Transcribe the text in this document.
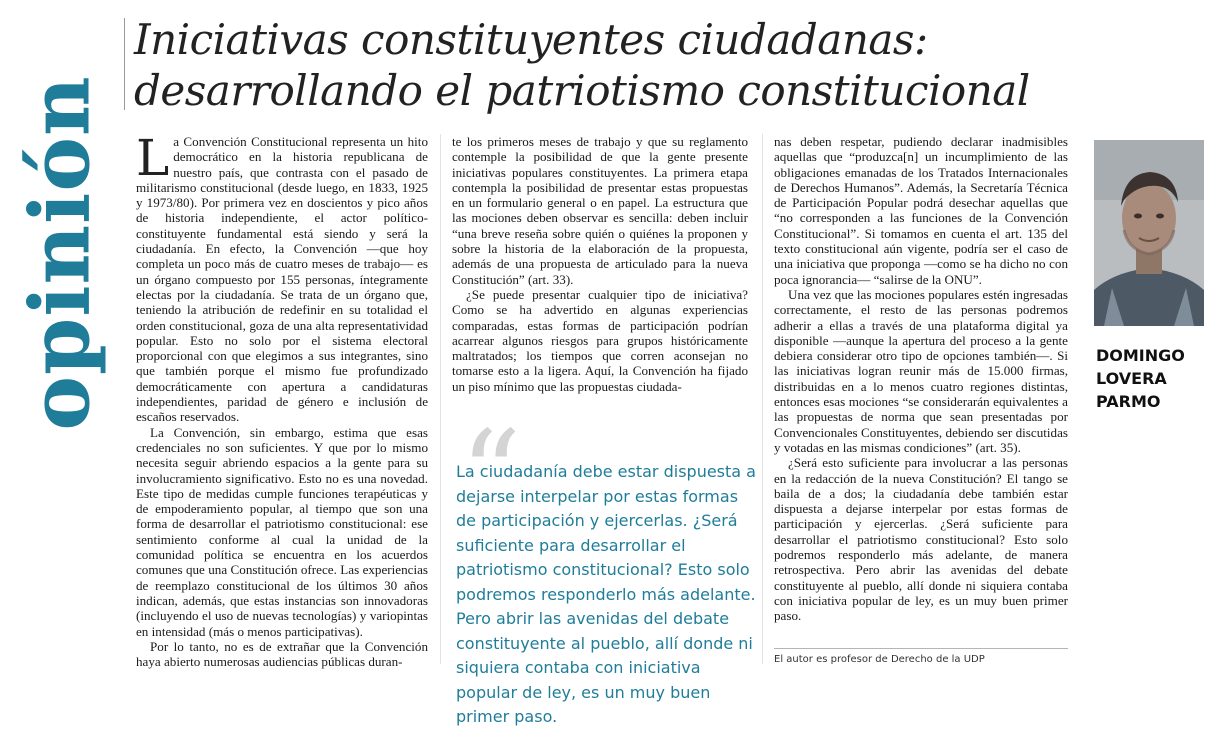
opinión
Iniciativas constituyentes ciudadanas:
desarrollando el patriotismo constitucional

La Convención Constitucional representa un hito democrático en la historia republicana de nuestro país, que contrasta con el pasado de militarismo constitucional (desde luego, en 1833, 1925 y 1973/80). Por primera vez en doscientos y pico años de historia independiente, el actor político-constituyente fundamental está siendo y será la ciudadanía. En efecto, la Convención —que hoy completa un poco más de cuatro meses de trabajo— es un órgano compuesto por 155 personas, íntegramente electas por la ciudadanía. Se trata de un órgano que, teniendo la atribución de redefinir en su totalidad el orden constitucional, goza de una alta representatividad popular. Esto no solo por el sistema electoral proporcional con que elegimos a sus integrantes, sino que también porque el mismo fue profundizado democráticamente con apertura a candidaturas independientes, paridad de género e inclusión de escaños reservados.

La Convención, sin embargo, estima que esas credenciales no son suficientes. Y que por lo mismo necesita seguir abriendo espacios a la gente para su involucramiento significativo. Esto no es una novedad. Este tipo de medidas cumple funciones terapéuticas y de empoderamiento popular, al tiempo que son una forma de desarrollar el patriotismo constitucional: ese sentimiento conforme al cual la unidad de la comunidad política se encuentra en los acuerdos comunes que una Constitución ofrece. Las experiencias de reemplazo constitucional de los últimos 30 años indican, además, que estas instancias son innovadoras (incluyendo el uso de nuevas tecnologías) y variopintas en intensidad (más o menos participativas).

Por lo tanto, no es de extrañar que la Convención haya abierto numerosas audiencias públicas duran-

te los primeros meses de trabajo y que su reglamento contemple la posibilidad de que la gente presente iniciativas populares constituyentes. La primera etapa contempla la posibilidad de presentar estas propuestas en un formulario general o en papel. La estructura que las mociones deben observar es sencilla: deben incluir “una breve reseña sobre quién o quiénes la proponen y sobre la historia de la elaboración de la propuesta, además de una propuesta de articulado para la nueva Constitución” (art. 33).

¿Se puede presentar cualquier tipo de iniciativa? Como se ha advertido en algunas experiencias comparadas, estas formas de participación podrían acarrear algunos riesgos para grupos históricamente maltratados; los tiempos que corren aconsejan no tomarse esto a la ligera. Aquí, la Convención ha fijado un piso mínimo que las propuestas ciudada-

“

La ciudadanía debe estar dispuesta a dejarse interpelar por estas formas de participación y ejercerlas. ¿Será suficiente para desarrollar el patriotismo constitucional? Esto solo podremos responderlo más adelante. Pero abrir las avenidas del debate constituyente al pueblo, allí donde ni siquiera contaba con iniciativa popular de ley, es un muy buen primer paso.

nas deben respetar, pudiendo declarar inadmisibles aquellas que “produzca[n] un incumplimiento de las obligaciones emanadas de los Tratados Internacionales de Derechos Humanos”. Además, la Secretaría Técnica de Participación Popular podrá desechar aquellas que “no corresponden a las funciones de la Convención Constitucional”. Si tomamos en cuenta el art. 135 del texto constitucional aún vigente, podría ser el caso de una iniciativa que proponga —como se ha dicho no con poca ignorancia— “salirse de la ONU”.

Una vez que las mociones populares estén ingresadas correctamente, el resto de las personas podremos adherir a ellas a través de una plataforma digital ya disponible —aunque la apertura del proceso a la gente debiera considerar otro tipo de opciones también—. Si las iniciativas logran reunir más de 15.000 firmas, distribuidas en a lo menos cuatro regiones distintas, entonces esas mociones “se considerarán equivalentes a las propuestas de norma que sean presentadas por Convencionales Constituyentes, debiendo ser discutidas y votadas en las mismas condiciones” (art. 35).

¿Será esto suficiente para involucrar a las personas en la redacción de la nueva Constitución? El tango se baila de a dos; la ciudadanía debe también estar dispuesta a dejarse interpelar por estas formas de participación y ejercerlas. ¿Será suficiente para desarrollar el patriotismo constitucional? Esto solo podremos responderlo más adelante, de manera retrospectiva. Pero abrir las avenidas del debate constituyente al pueblo, allí donde ni siquiera contaba con iniciativa popular de ley, es un muy buen primer paso.

El autor es profesor de Derecho de la UDP
DOMINGO
LOVERA
PARMO
